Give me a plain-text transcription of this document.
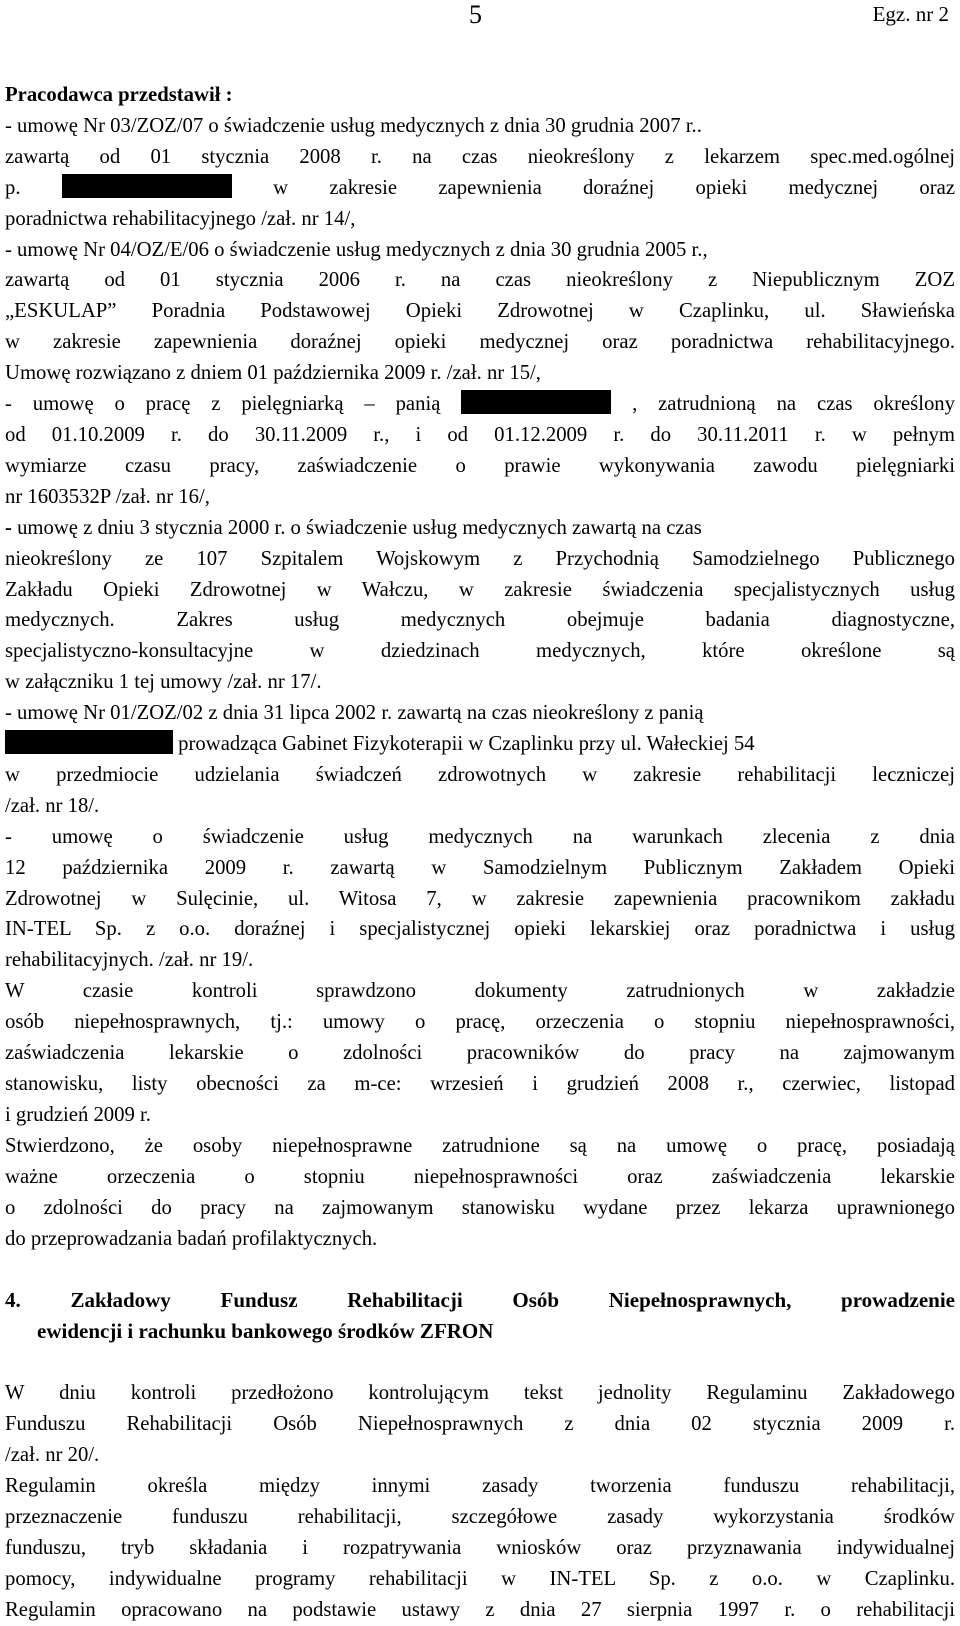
5	Egz. nr 2

Pracodawca przedstawił :

- umowę Nr 03/ZOZ/07 o świadczenie usług medycznych z dnia 30 grudnia 2007 r..

zawartą od 01 stycznia 2008 r. na czas nieokreślony z lekarzem spec.med.ogólnej

p.	w zakresie zapewnienia doraźnej opieki medycznej oraz

poradnictwa rehabilitacyjnego /zał. nr 14/,

- umowę Nr 04/OZ/E/06 o świadczenie usług medycznych z dnia 30 grudnia 2005 r.,

zawartą od 01 stycznia 2006 r. na czas nieokreślony z Niepublicznym ZOZ

„ESKULAP” Poradnia Podstawowej Opieki Zdrowotnej w Czaplinku, ul. Sławieńska

w zakresie zapewnienia doraźnej opieki medycznej oraz poradnictwa rehabilitacyjnego.

Umowę rozwiązano z dniem 01 października 2009 r. /zał. nr 15/,

- umowę o pracę z pielęgniarką – panią	, zatrudnioną na czas określony

od 01.10.2009 r. do 30.11.2009 r., i od 01.12.2009 r. do 30.11.2011 r. w pełnym

wymiarze czasu pracy, zaświadczenie o prawie wykonywania zawodu pielęgniarki

nr 1603532P /zał. nr 16/,

- umowę z dniu 3 stycznia 2000 r. o świadczenie usług medycznych zawartą na czas

nieokreślony ze 107 Szpitalem Wojskowym z Przychodnią Samodzielnego Publicznego

Zakładu Opieki Zdrowotnej w Wałczu, w zakresie świadczenia specjalistycznych usług

medycznych. Zakres usług medycznych obejmuje badania diagnostyczne,

specjalistyczno-konsultacyjne w dziedzinach medycznych, które określone są

w załączniku 1 tej umowy /zał. nr 17/.

- umowę Nr 01/ZOZ/02 z dnia 31 lipca 2002 r. zawartą na czas nieokreślony z panią

prowadząca Gabinet Fizykoterapii w Czaplinku przy ul. Wałeckiej 54

w przedmiocie udzielania świadczeń zdrowotnych w zakresie rehabilitacji leczniczej

/zał. nr 18/.

- umowę o świadczenie usług medycznych na warunkach zlecenia z dnia

12 października 2009 r. zawartą w Samodzielnym Publicznym Zakładem Opieki

Zdrowotnej w Sulęcinie, ul. Witosa 7, w zakresie zapewnienia pracownikom zakładu

IN-TEL Sp. z o.o. doraźnej i specjalistycznej opieki lekarskiej oraz poradnictwa i usług

rehabilitacyjnych. /zał. nr 19/.

W czasie kontroli sprawdzono dokumenty zatrudnionych w zakładzie

osób niepełnosprawnych, tj.: umowy o pracę, orzeczenia o stopniu niepełnosprawności,

zaświadczenia lekarskie o zdolności pracowników do pracy na zajmowanym

stanowisku, listy obecności za m-ce: wrzesień i grudzień 2008 r., czerwiec, listopad

i grudzień 2009 r.

Stwierdzono, że osoby niepełnosprawne zatrudnione są na umowę o pracę, posiadają

ważne orzeczenia o stopniu niepełnosprawności oraz zaświadczenia lekarskie

o zdolności do pracy na zajmowanym stanowisku wydane przez lekarza uprawnionego

do przeprowadzania badań profilaktycznych.

4. Zakładowy Fundusz Rehabilitacji Osób Niepełnosprawnych, prowadzenie

ewidencji i rachunku bankowego środków ZFRON

W dniu kontroli przedłożono kontrolującym tekst jednolity Regulaminu Zakładowego

Funduszu Rehabilitacji Osób Niepełnosprawnych z dnia 02 stycznia 2009 r.

/zał. nr 20/.

Regulamin określa między innymi zasady tworzenia funduszu rehabilitacji,

przeznaczenie funduszu rehabilitacji, szczegółowe zasady wykorzystania środków

funduszu, tryb składania i rozpatrywania wniosków oraz przyznawania indywidualnej

pomocy, indywidualne programy rehabilitacji w IN-TEL Sp. z o.o. w Czaplinku.

Regulamin opracowano na podstawie ustawy z dnia 27 sierpnia 1997 r. o rehabilitacji
